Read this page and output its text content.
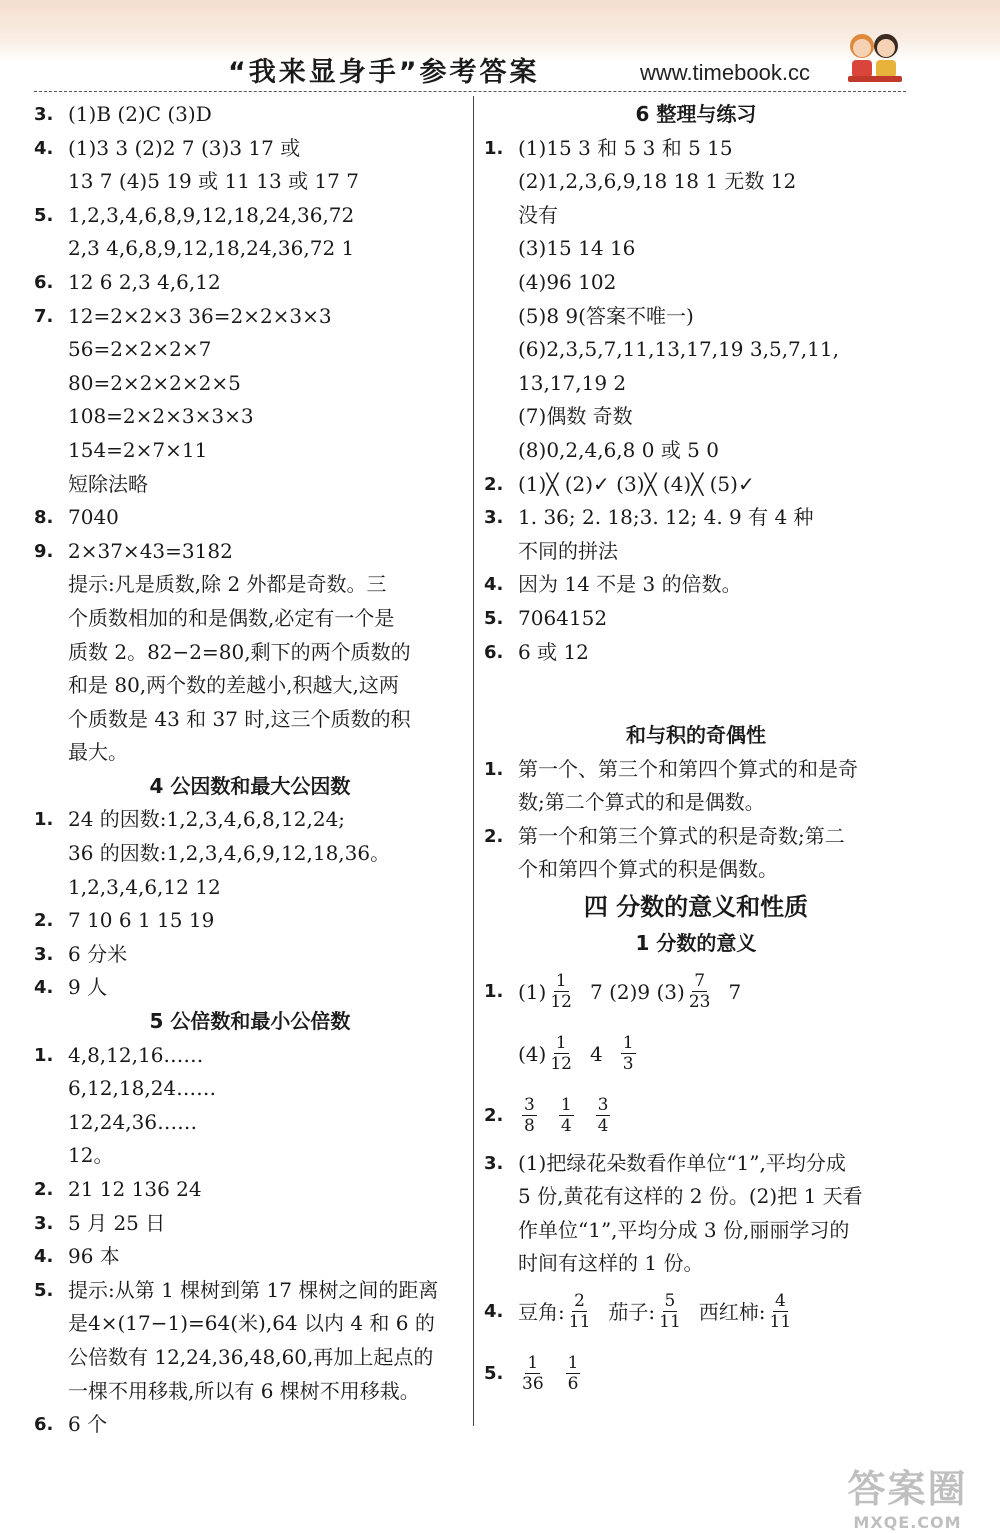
“我来显身手”参考答案	www.timebook.cc
3. (1)B (2)C (3)D
4. (1)3 3 (2)2 7 (3)3 17 或
13 7 (4)5 19 或 11 13 或 17 7
5. 1,2,3,4,6,8,9,12,18,24,36,72
2,3 4,6,8,9,12,18,24,36,72 1
6. 12 6 2,3 4,6,12
7. 12=2×2×3 36=2×2×3×3
56=2×2×2×7
80=2×2×2×2×5
108=2×2×3×3×3
154=2×7×11
短除法略
8. 7040
9. 2×37×43=3182
提示:凡是质数,除 2 外都是奇数。三
个质数相加的和是偶数,必定有一个是
质数 2。82−2=80,剩下的两个质数的
和是 80,两个数的差越小,积越大,这两
个质数是 43 和 37 时,这三个质数的积
最大。
4 公因数和最大公因数
1. 24 的因数:1,2,3,4,6,8,12,24;
36 的因数:1,2,3,4,6,9,12,18,36。
1,2,3,4,6,12 12
2. 7 10 6 1 15 19
3. 6 分米
4. 9 人
5 公倍数和最小公倍数
1. 4,8,12,16……
6,12,18,24……
12,24,36……
12。
2. 21 12 136 24
3. 5 月 25 日
4. 96 本
5. 提示:从第 1 棵树到第 17 棵树之间的距离
是4×(17−1)=64(米),64 以内 4 和 6 的
公倍数有 12,24,36,48,60,再加上起点的
一棵不用移栽,所以有 6 棵树不用移栽。
6. 6 个
6 整理与练习
1. (1)15 3 和 5 3 和 5 15
(2)1,2,3,6,9,18 18 1 无数 12
没有
(3)15 14 16
(4)96 102
(5)8 9(答案不唯一)
(6)2,3,5,7,11,13,17,19 3,5,7,11,
13,17,19 2
(7)偶数 奇数
(8)0,2,4,6,8 0 或 5 0
2. (1)╳ (2)✓ (3)╳ (4)╳ (5)✓
3. 1. 36; 2. 18;3. 12; 4. 9 有 4 种
不同的拼法
4. 因为 14 不是 3 的倍数。
5. 7064152
6. 6 或 12
和与积的奇偶性
1. 第一个、第三个和第四个算式的和是奇
数;第二个算式的和是偶数。
2. 第一个和第三个算式的积是奇数;第二
个和第四个算式的积是偶数。
四 分数的意义和性质
1 分数的意义
1. $(1) \frac{1}{12} 7$ (2)9 $(3) \frac{7}{23} 7$
$(4) \frac{1}{12} 4 \frac{1}{3}$
2.	$\frac{3}{8} \frac{1}{4} \frac{3}{4}$
3. (1)把绿花朵数看作单位“1”,平均分成
5 份,黄花有这样的 2 份。(2)把 1 天看
作单位“1”,平均分成 3 份,丽丽学习的
时间有这样的 1 份。
4. 豆角: $\frac{2}{11}$ 茄子: $\frac{5}{11}$ 西红柿: $\frac{4}{11}$
5.	$\frac{1}{36} \frac{1}{6}$
答案圈
MXQE.COM
